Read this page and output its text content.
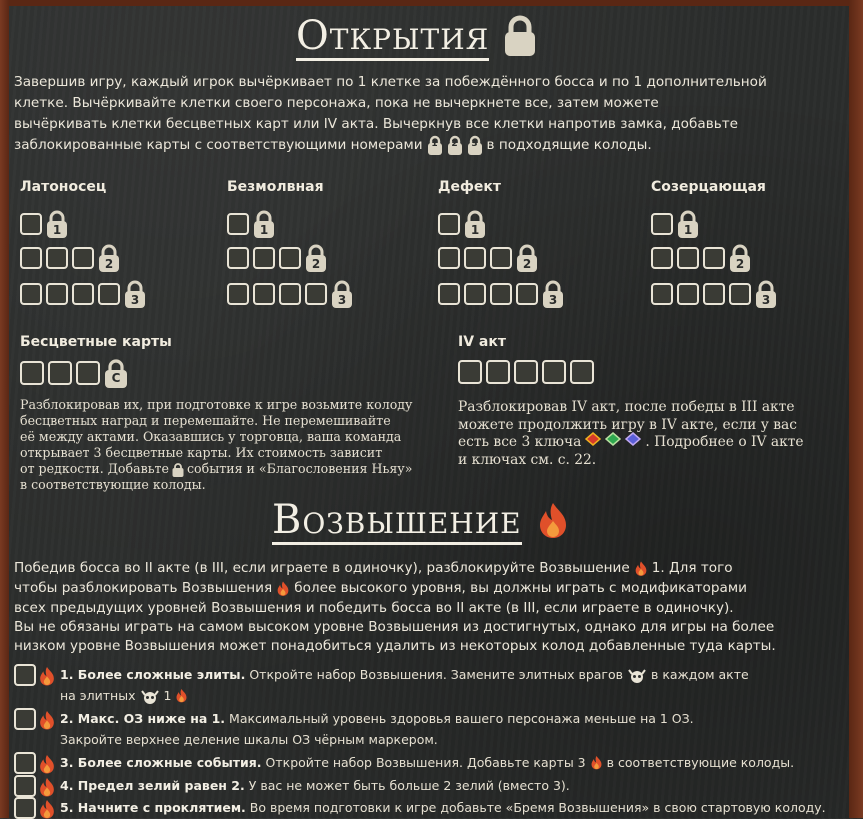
Открытия

Завершив игру, каждый игрок вычёркивает по 1 клетке за побеждённого босса и по 1 дополнительной

клетке. Вычёркивайте клетки своего персонажа, пока не вычеркнете все, затем можете

вычёркивать клетки бесцветных карт или IV акта. Вычеркнув все клетки напротив замка, добавьте

заблокированные карты с соответствующими номерами 1	2	3 в подходящие колоды.

Латоносец
1
2
3
Безмолвная
1
2
3
Дефект
1
2
3
Созерцающая
1
2
3
Бесцветные карты
C

Разблокировав их, при подготовке к игре возьмите колоду

бесцветных наград и перемешайте. Не перемешивайте

её между актами. Оказавшись у торговца, ваша команда

открывает 3 бесцветные карты. Их стоимость зависит

от редкости. Добавьте события и «Благословения Ньяу»

в соответствующие колоды.

IV акт

Разблокировав IV акт, после победы в III акте

можете продолжить игру в IV акте, если у вас

есть все 3 ключа	. Подробнее о IV акте

и ключах см. с. 22.

Возвышение

Победив босса во II акте (в III, если играете в одиночку), разблокируйте Возвышение 1. Для того

чтобы разблокировать Возвышения более высокого уровня, вы должны играть с модификаторами

всех предыдущих уровней Возвышения и победить босса во II акте (в III, если играете в одиночку).

Вы не обязаны играть на самом высоком уровне Возвышения из достигнутых, однако для игры на более

низком уровне Возвышения может понадобиться удалить из некоторых колод добавленные туда карты.

1. Более сложные элиты. Откройте набор Возвышения. Замените элитных врагов в каждом акте
на элитных 1
2. Макс. ОЗ ниже на 1. Максимальный уровень здоровья вашего персонажа меньше на 1 ОЗ.
Закройте верхнее деление шкалы ОЗ чёрным маркером.
3. Более сложные события. Откройте набор Возвышения. Добавьте карты 3 в соответствующие колоды.
4. Предел зелий равен 2. У вас не может быть больше 2 зелий (вместо 3).
5. Начните с проклятием. Во время подготовки к игре добавьте «Бремя Возвышения» в свою стартовую колоду.
